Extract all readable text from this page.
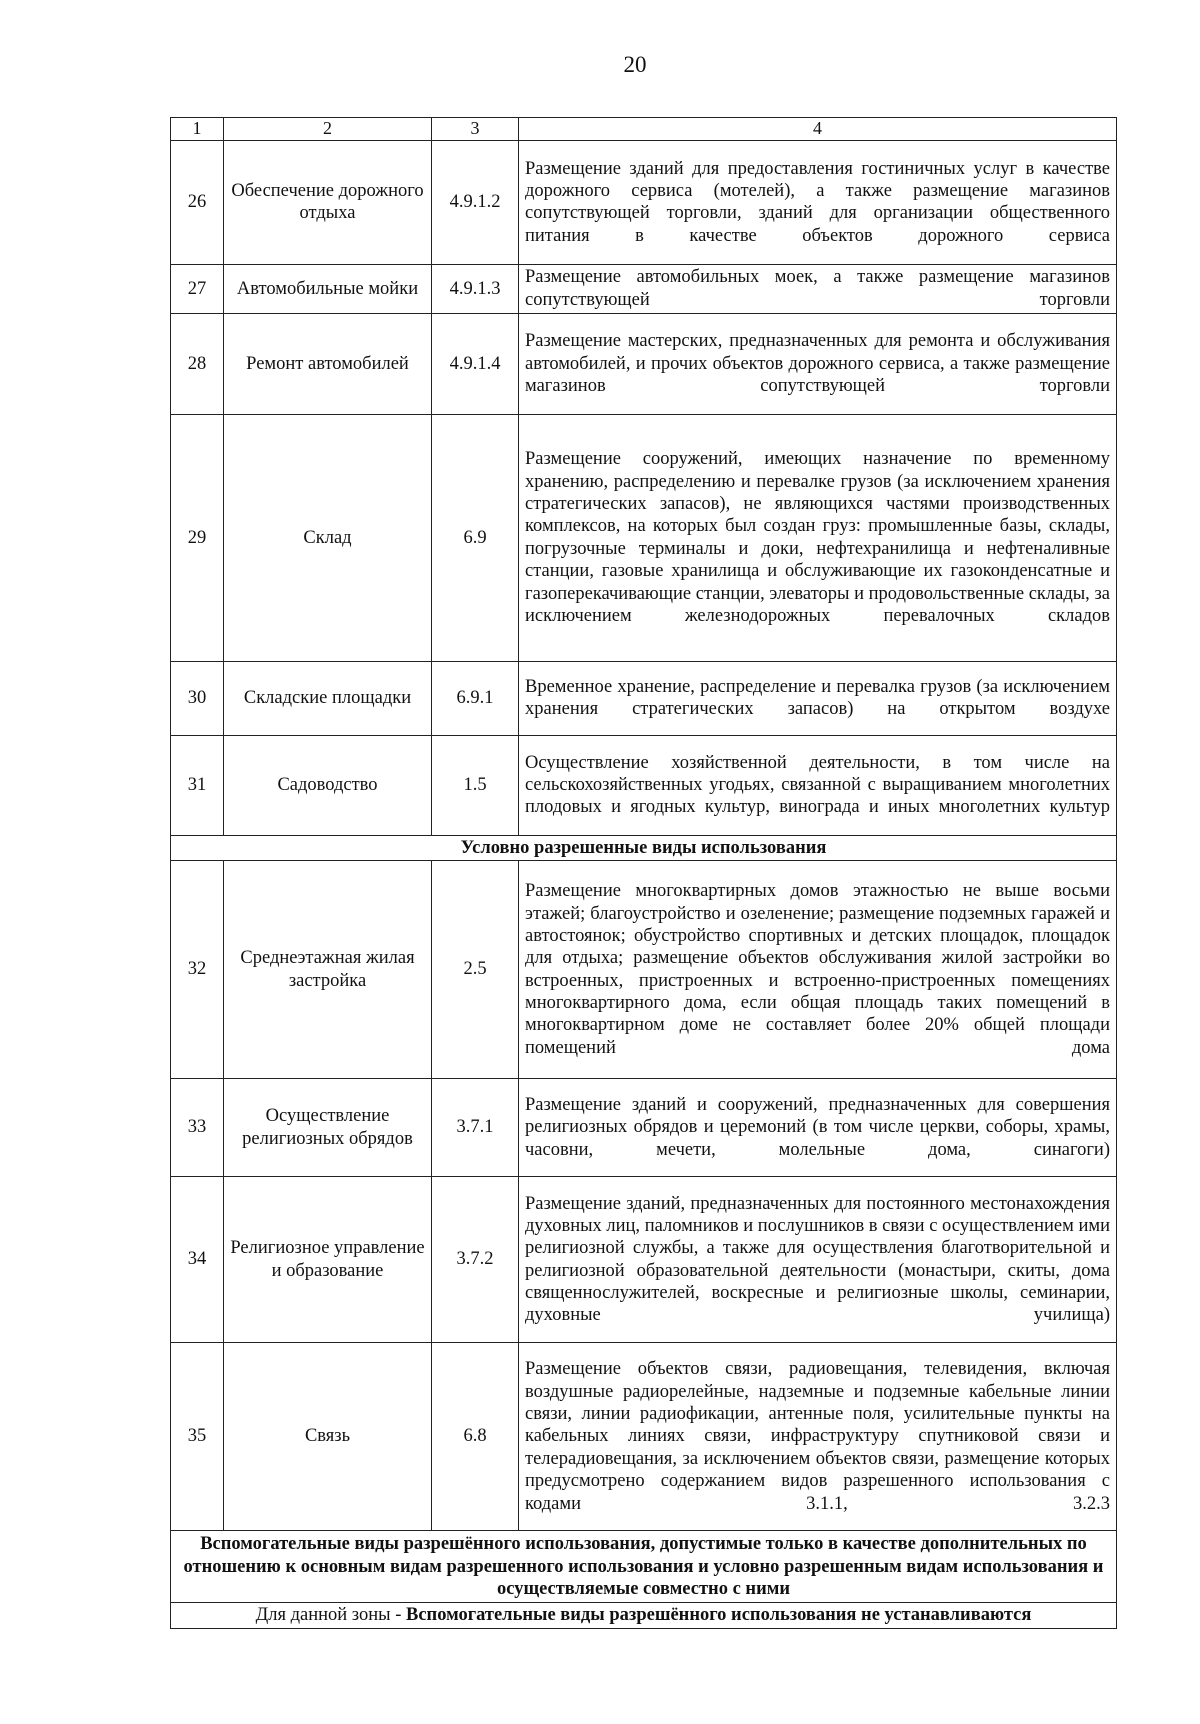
20
1	2	3	4
26	Обеспечение дорожного отдыха	4.9.1.2	Размещение зданий для предоставления гостиничных услуг в качестве дорожного сервиса (мотелей), а также размещение магазинов сопутствующей торговли, зданий для организации общественного питания в качестве объектов дорожного сервиса
27	Автомобильные мойки	4.9.1.3	Размещение автомобильных моек, а также размещение магазинов сопутствующей торговли
28	Ремонт автомобилей	4.9.1.4	Размещение мастерских, предназначенных для ремонта и обслуживания автомобилей, и прочих объектов дорожного сервиса, а также размещение магазинов сопутствующей торговли
29	Склад	6.9	Размещение сооружений, имеющих назначение по временному хранению, распределению и перевалке грузов (за исключением хранения стратегических запасов), не являющихся частями производственных комплексов, на которых был создан груз: промышленные базы, склады, погрузочные терминалы и доки, нефтехранилища и нефтеналивные станции, газовые хранилища и обслуживающие их газоконденсатные и газоперекачивающие станции, элеваторы и продовольственные склады, за исключением железнодорожных перевалочных складов
30	Складские площадки	6.9.1	Временное хранение, распределение и перевалка грузов (за исключением хранения стратегических запасов) на открытом воздухе
31	Садоводство	1.5	Осуществление хозяйственной деятельности, в том числе на сельскохозяйственных угодьях, связанной с выращиванием многолетних плодовых и ягодных культур, винограда и иных многолетних культур
Условно разрешенные виды использования			
32	Среднеэтажная жилая застройка	2.5	Размещение многоквартирных домов этажностью не выше восьми этажей; благоустройство и озеленение; размещение подземных гаражей и автостоянок; обустройство спортивных и детских площадок, площадок для отдыха; размещение объектов обслуживания жилой застройки во встроенных, пристроенных и встроенно-пристроенных помещениях многоквартирного дома, если общая площадь таких помещений в многоквартирном доме не составляет более 20% общей площади помещений дома
33	Осуществление религиозных обрядов	3.7.1	Размещение зданий и сооружений, предназначенных для совершения религиозных обрядов и церемоний (в том числе церкви, соборы, храмы, часовни, мечети, молельные дома, синагоги)
34	Религиозное управление и образование	3.7.2	Размещение зданий, предназначенных для постоянного местонахождения духовных лиц, паломников и послушников в связи с осуществлением ими религиозной службы, а также для осуществления благотворительной и религиозной образовательной деятельности (монастыри, скиты, дома священнослужителей, воскресные и религиозные школы, семинарии, духовные училища)
35	Связь	6.8	Размещение объектов связи, радиовещания, телевидения, включая воздушные радиорелейные, надземные и подземные кабельные линии связи, линии радиофикации, антенные поля, усилительные пункты на кабельных линиях связи, инфраструктуру спутниковой связи и телерадиовещания, за исключением объектов связи, размещение которых предусмотрено содержанием видов разрешенного использования с кодами 3.1.1, 3.2.3
Вспомогательные виды разрешённого использования, допустимые только в качестве дополнительных по отношению к основным видам разрешенного использования и условно разрешенным видам использования и осуществляемые совместно с ними			
Для данной зоны - Вспомогательные виды разрешённого использования не устанавливаются			
